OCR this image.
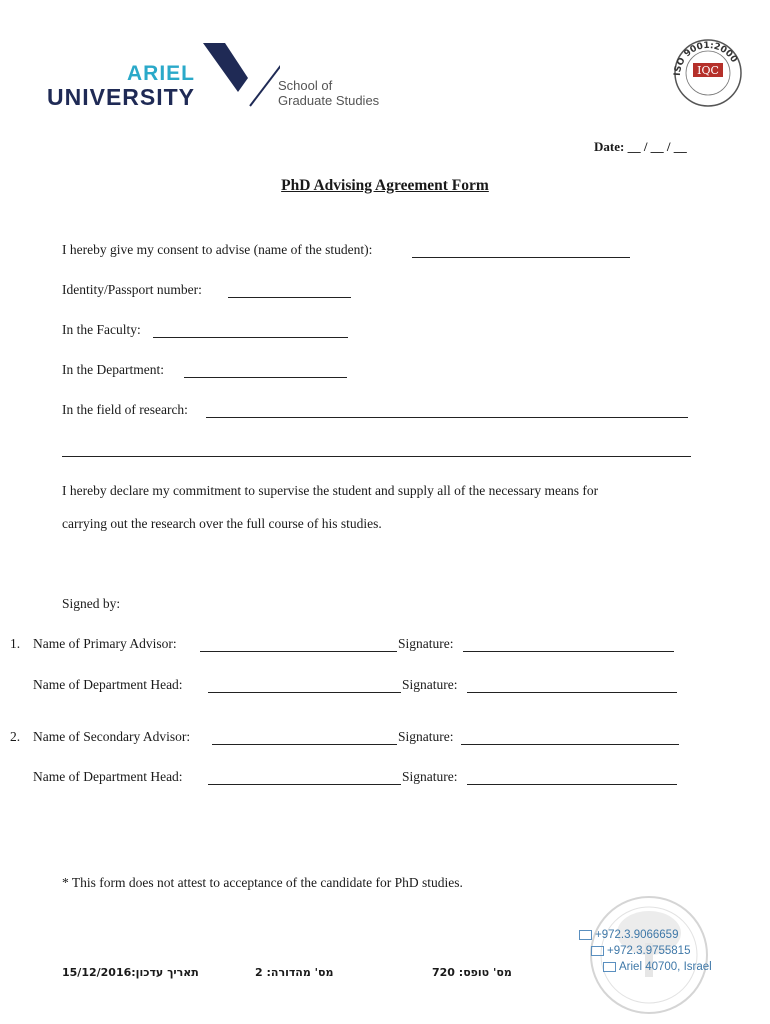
ARIEL
UNIVERSITY	School of
Graduate Studies
ISO 9001:2000
IQC
Date: __ / __ / __
PhD Advising Agreement Form
I hereby give my consent to advise (name of the student):
Identity/Passport number:
In the Faculty:
In the Department:
In the field of research:
I hereby declare my commitment to supervise the student and supply all of the necessary means for
carrying out the research over the full course of his studies.
Signed by:
1. Name of Primary Advisor:	Signature:
Name of Department Head:	Signature:
2. Name of Secondary Advisor:	Signature:
Name of Department Head:	Signature:
* This form does not attest to acceptance of the candidate for PhD studies.
+972.3.9066659
+972.3.9755815
Ariel 40700, Israel
15/12/2016:תאריך עדכון	מס' מהדורה: 2	מס' טופס: 720
